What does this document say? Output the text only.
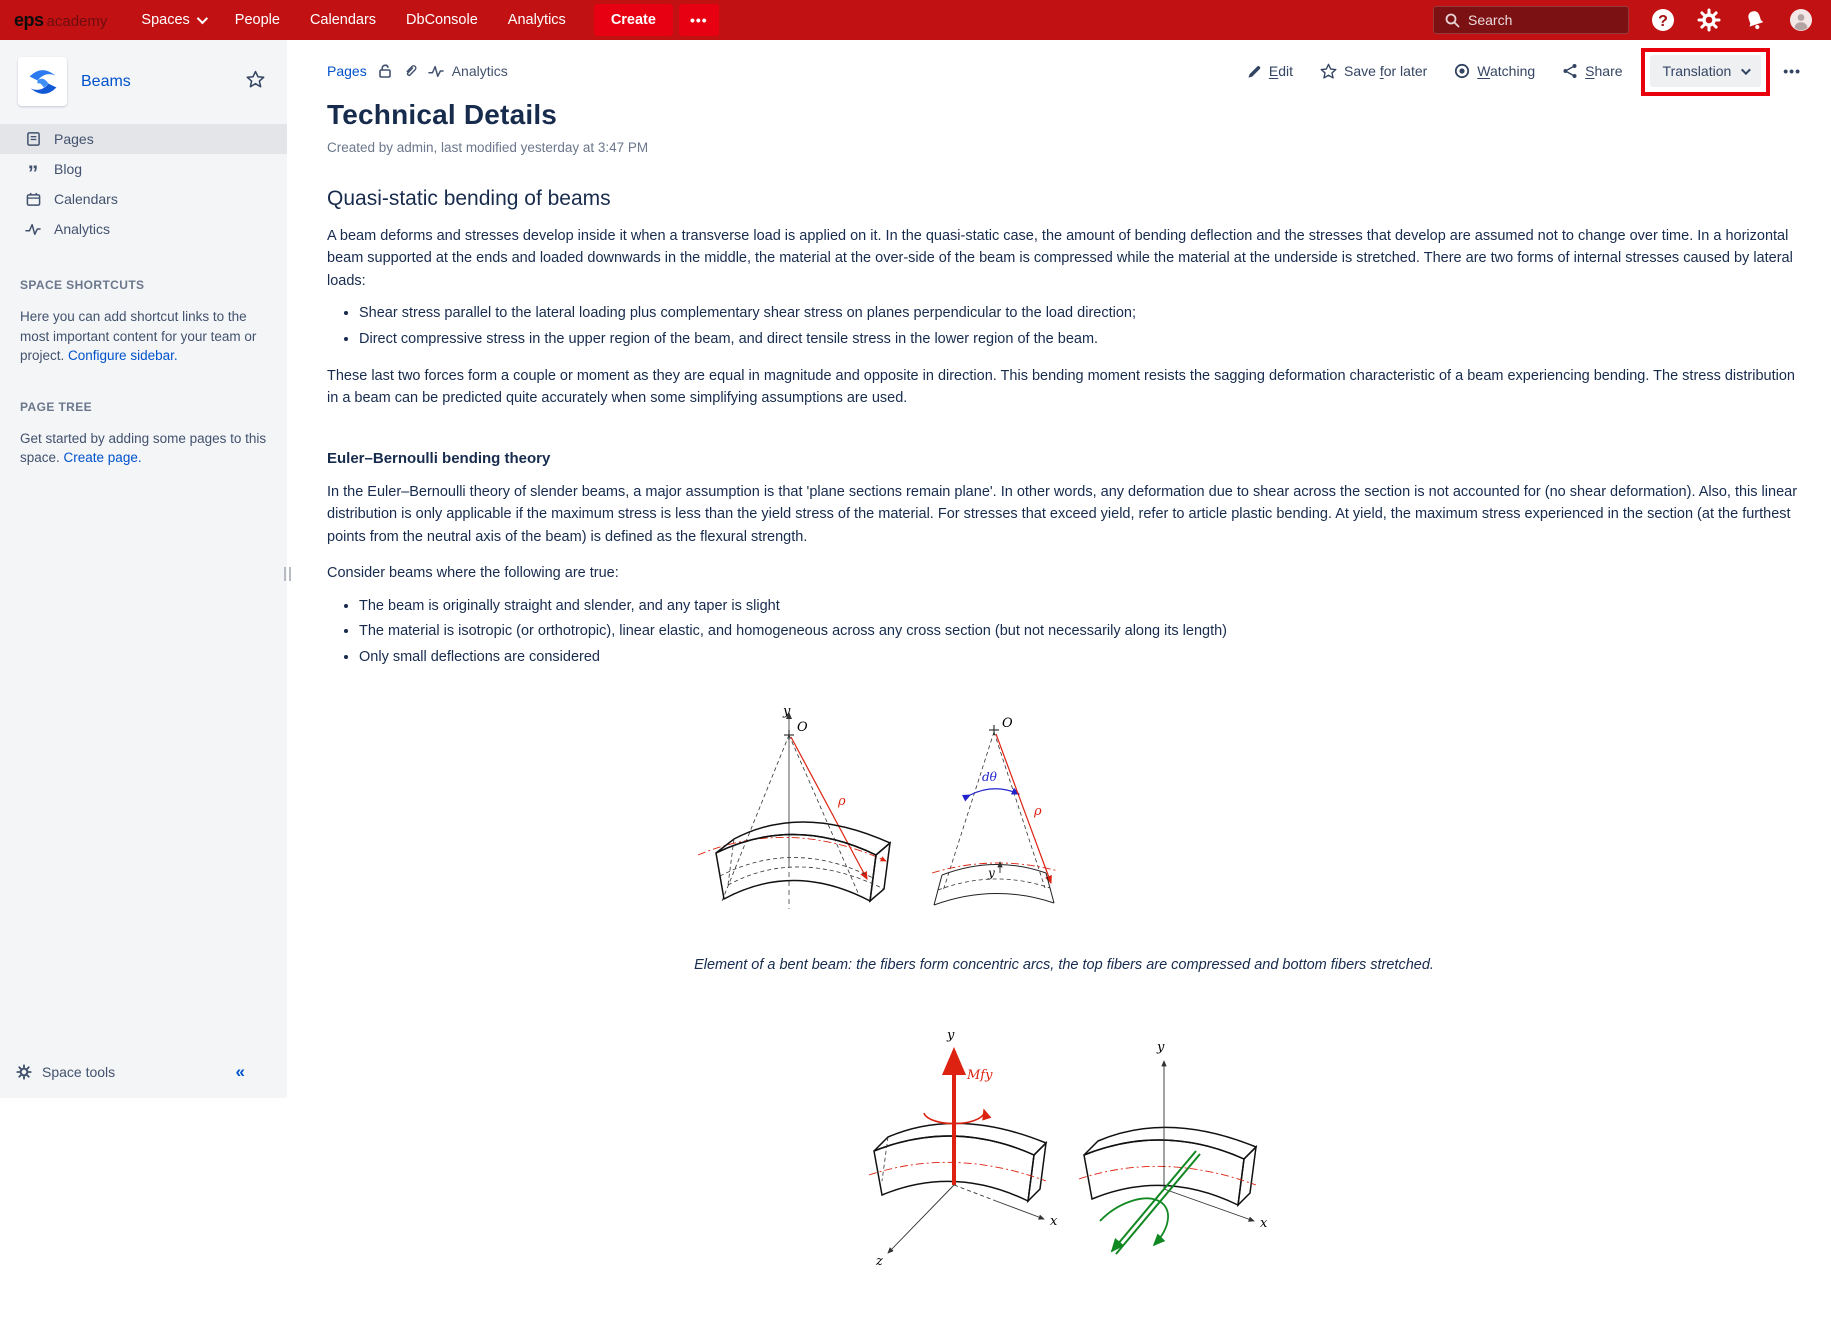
eps academy Spaces	People Calendars DbConsole Analytics	Create	•••
Search	?
Beams
Pages
” Blog
Calendars
Analytics
SPACE SHORTCUTS
Here you can add shortcut links to the most important content for your team or project. Configure sidebar.
PAGE TREE
Get started by adding some pages to this space. Create page.
Space tools	«
Pages	Analytics	Edit	Save for later	Watching	Share	Translation	•••
Technical Details
Created by admin, last modified yesterday at 3:47 PM
Quasi-static bending of beams

A beam deforms and stresses develop inside it when a transverse load is applied on it. In the quasi-static case, the amount of bending deflection and the stresses that develop are assumed not to change over time. In a horizontal beam supported at the ends and loaded downwards in the middle, the material at the over-side of the beam is compressed while the material at the underside is stretched. There are two forms of internal stresses caused by lateral loads:

• Shear stress parallel to the lateral loading plus complementary shear stress on planes perpendicular to the load direction;
• Direct compressive stress in the upper region of the beam, and direct tensile stress in the lower region of the beam.

These last two forces form a couple or moment as they are equal in magnitude and opposite in direction. This bending moment resists the sagging deformation characteristic of a beam experiencing bending. The stress distribution in a beam can be predicted quite accurately when some simplifying assumptions are used.

Euler–Bernoulli bending theory

In the Euler–Bernoulli theory of slender beams, a major assumption is that 'plane sections remain plane'. In other words, any deformation due to shear across the section is not accounted for (no shear deformation). Also, this linear distribution is only applicable if the maximum stress is less than the yield stress of the material. For stresses that exceed yield, refer to article plastic bending. At yield, the maximum stress experienced in the section (at the furthest points from the neutral axis of the beam) is defined as the flexural strength.

Consider beams where the following are true:

• The beam is originally straight and slender, and any taper is slight
• The material is isotropic (or orthotropic), linear elastic, and homogeneous across any cross section (but not necessarily along its length)
• Only small deflections are considered
y
O
ρ
O
dθ
ρ
y
Element of a bent beam: the fibers form concentric arcs, the top fibers are compressed and bottom fibers stretched.
y
Mfy
x
z
y
x
